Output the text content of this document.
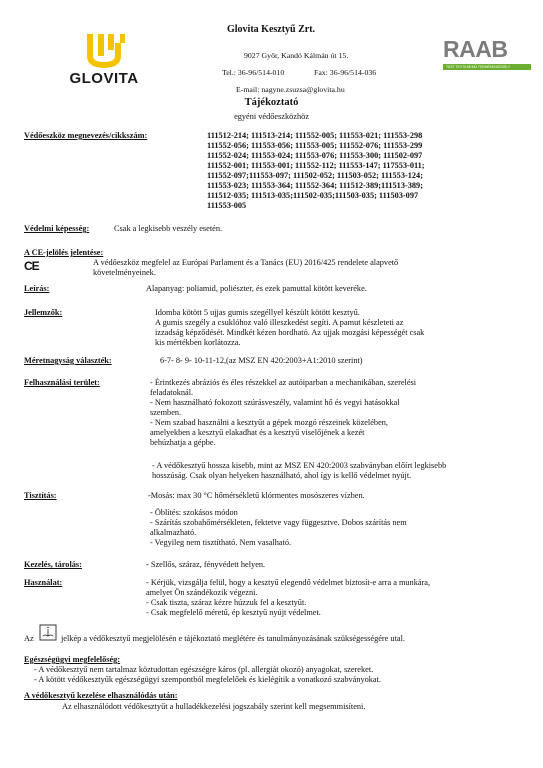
GLOVITA
Glovita Kesztyű Zrt.
9027 Győr, Kandó Kálmán út 15.
Tel.: 36-96/514-010	Fax: 36-96/514-036
E-mail: nagyne.zsuzsa@glovita.hu
RAAB
TEXT TEXTILNEMŰ TERMÉKENGEDÉLY
Tájékoztató
egyéni védőeszközhöz
Védőeszköz megnevezés/cikkszám:	111512-214; 111513-214; 111552-005; 111553-021; 111553-298
111552-056; 111553-056; 111553-005; 111552-076; 111553-299
111552-024; 111553-024; 111553-076; 111553-300; 111502-097
111552-001; 111553-001; 111552-112; 111553-147; 117553-011;
111552-097;111553-097; 111502-052; 111503-052; 111553-124;
111553-023; 111553-364; 111552-364; 111512-389;111513-389;
111512-035; 111513-035;111502-035;111503-035; 111503-097
111553-005
Védelmi képesség:	Csak a legkisebb veszély esetén.
A CE-jelölés jelentése:
CE	A védőeszköz megfelel az Európai Parlament és a Tanács (EU) 2016/425 rendelete alapvető
követelményeinek.
Leírás:	Alapanyag: poliamid, poliészter, és ezek pamuttal kötött keveréke.
Jellemzők:	Idomba kötött 5 ujjas gumis szegéllyel készült kötött kesztyű.
A gumis szegély a csuklóhoz való illeszkedést segíti. A pamut készleteti az
izzadság képződését. Mindkét kézen hordható. Az ujjak mozgási képességét csak
kis mértékben korlátozza.
Méretnagyság választék:	6-7- 8- 9- 10-11-12,(az MSZ EN 420:2003+A1:2010 szerint)
Felhasználási terület:	- Érintkezés abráziós és éles részekkel az autóiparban a mechanikában, szerelési
feladatoknál.
- Nem használható fokozott szúrásveszély, valamint hő és vegyi hatásokkal
szemben.
- Nem szabad használni a kesztyűt a gépek mozgó részeinek közelében,
amelyekben a kesztyű elakadhat és a kesztyű viselőjének a kezét
behúzhatja a gépbe.
- A védőkesztyű hossza kisebb, mint az MSZ EN 420:2003 szabványban előírt legkisebb
hosszúság. Csak olyan helyeken használható, ahol így is kellő védelmet nyújt.
Tisztítás:	-Mosás: max 30 °C hőmérsékletű klórmentes mosószeres vízben.
- Öblítés: szokásos módon
- Szárítás szobahőmérsékleten, fektetve vagy függesztve. Dobos szárítás nem
alkalmazható.
- Vegyileg nem tisztítható. Nem vasalható.
Kezelés, tárolás:	- Szellős, száraz, fényvédett helyen.
Használat:	- Kérjük, vizsgálja felül, hogy a kesztyű elegendő védelmet biztosít-e arra a munkára,
amelyet Ön szándékozik végezni.
- Csak tiszta, száraz kézre húzzuk fel a kesztyűt.
- Csak megfelelő méretű, ép kesztyű nyújt védelmet.
Az	jelkép a védőkesztyű megjelölésén e tájékoztató meglétére és tanulmányozásának szükségességére utal.
Egészségügyi megfelelőség:
- A védőkesztyű nem tartalmaz köztudottan egészségre káros (pl. allergiát okozó) anyagokat, szereket.
- A kötött védőkesztyűk egészségügyi szempontból megfelelőek és kielégítik a vonatkozó szabványokat.
A védőkesztyű kezelése elhasználódás után:
Az elhasználódott védőkesztyűt a hulladékkezelési jogszabály szerint kell megsemmisíteni.
